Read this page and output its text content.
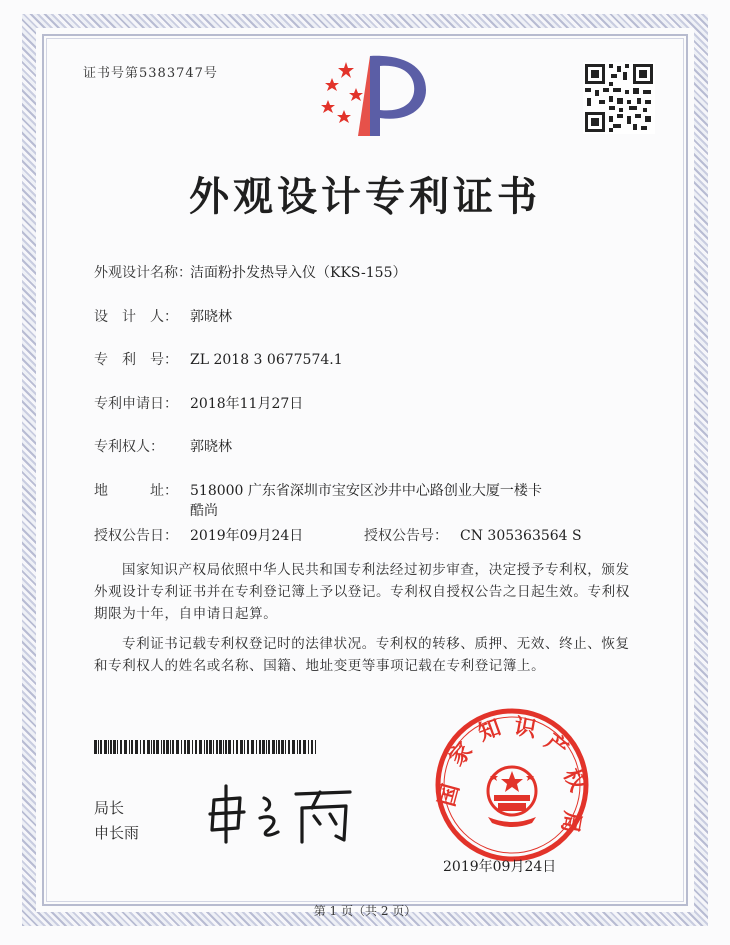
证书号第5383747号
外观设计专利证书
外观设计名称：洁面粉扑发热导入仪（KKS-155）
设　计　人： 郭晓林
专　利　号： ZL 2018 3 0677574.1
专利申请日： 2018年11月27日
专利权人： 郭晓林
地　　　址： 518000 广东省深圳市宝安区沙井中心路创业大厦一楼卡
酷尚
授权公告日： 2019年09月24日	授权公告号： CN 305363564 S

国家知识产权局依照中华人民共和国专利法经过初步审查，决定授予专利权，颁发外观设计专利证书并在专利登记簿上予以登记。专利权自授权公告之日起生效。专利权期限为十年，自申请日起算。

专利证书记载专利权登记时的法律状况。专利权的转移、质押、无效、终止、恢复和专利权人的姓名或名称、国籍、地址变更等事项记载在专利登记簿上。

局长
申长雨
国
家
知 识
产
权
局
2019年09月24日
第 1 页（共 2 页）
